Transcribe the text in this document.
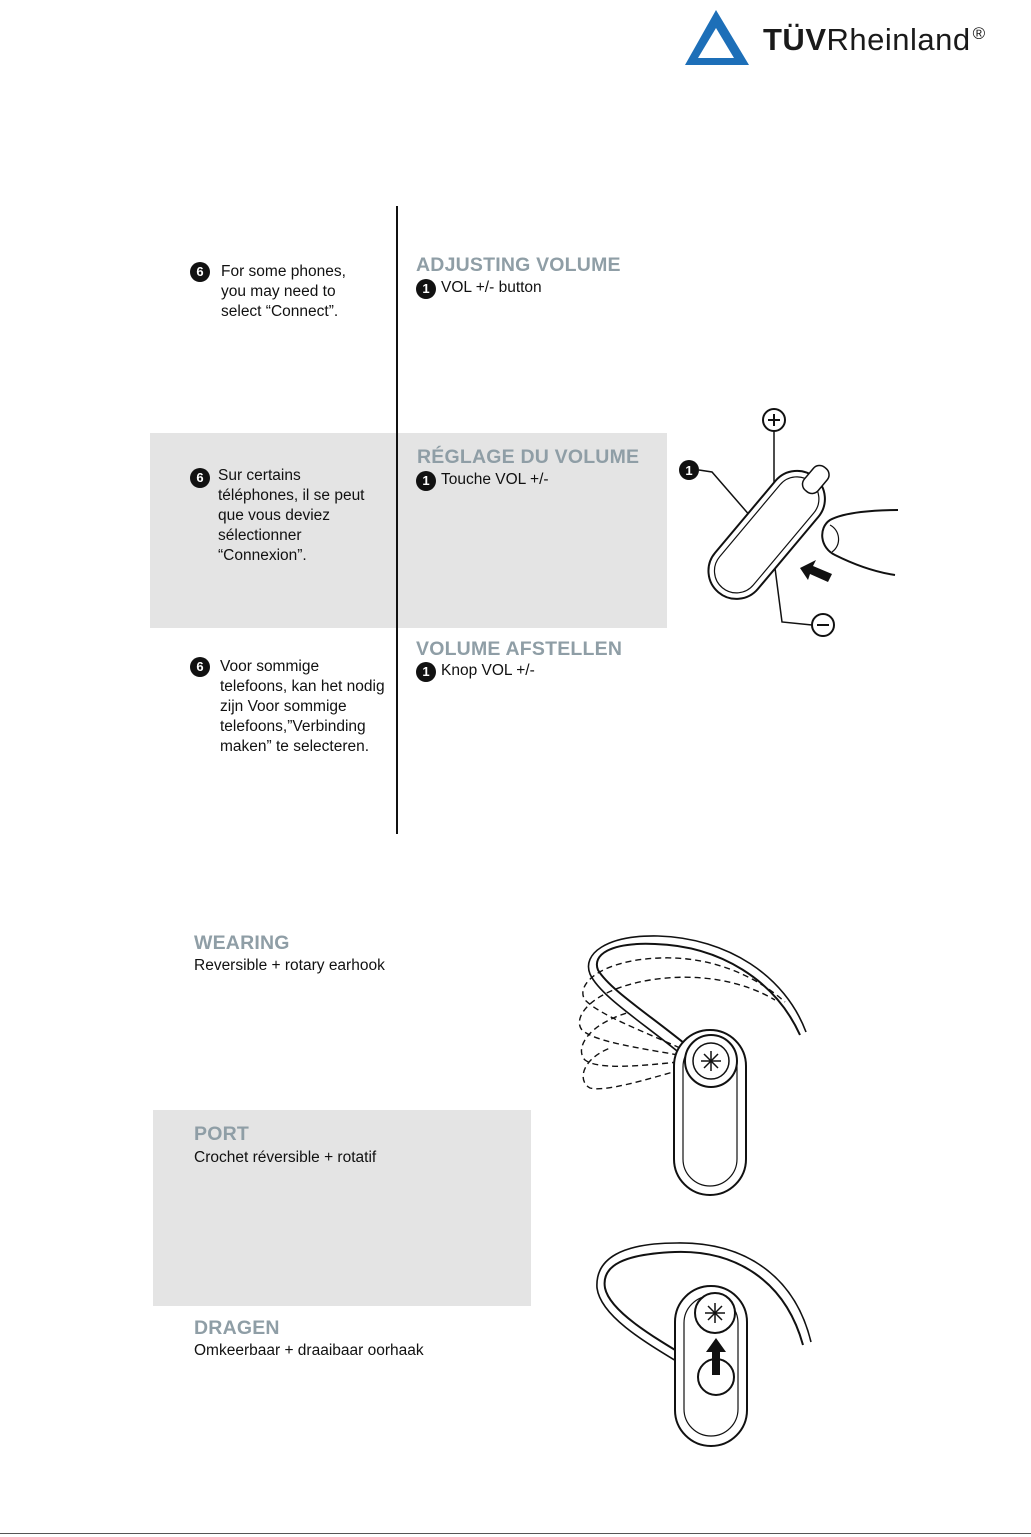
TÜVRheinland ®
6	For some phones, you may need to select “Connect”.
ADJUSTING VOLUME
1 VOL +/- button
6 Sur certains téléphones, il se peut que vous deviez sélectionner “Connexion”.
RÉGLAGE DU VOLUME
1 Touche VOL +/-
6	Voor sommige telefoons, kan het nodig zijn Voor sommige telefoons,”Verbinding maken” te selecteren.
VOLUME AFSTELLEN
1 Knop VOL +/-
1
WEARING
Reversible + rotary earhook
PORT
Crochet réversible + rotatif
DRAGEN
Omkeerbaar + draaibaar oorhaak
